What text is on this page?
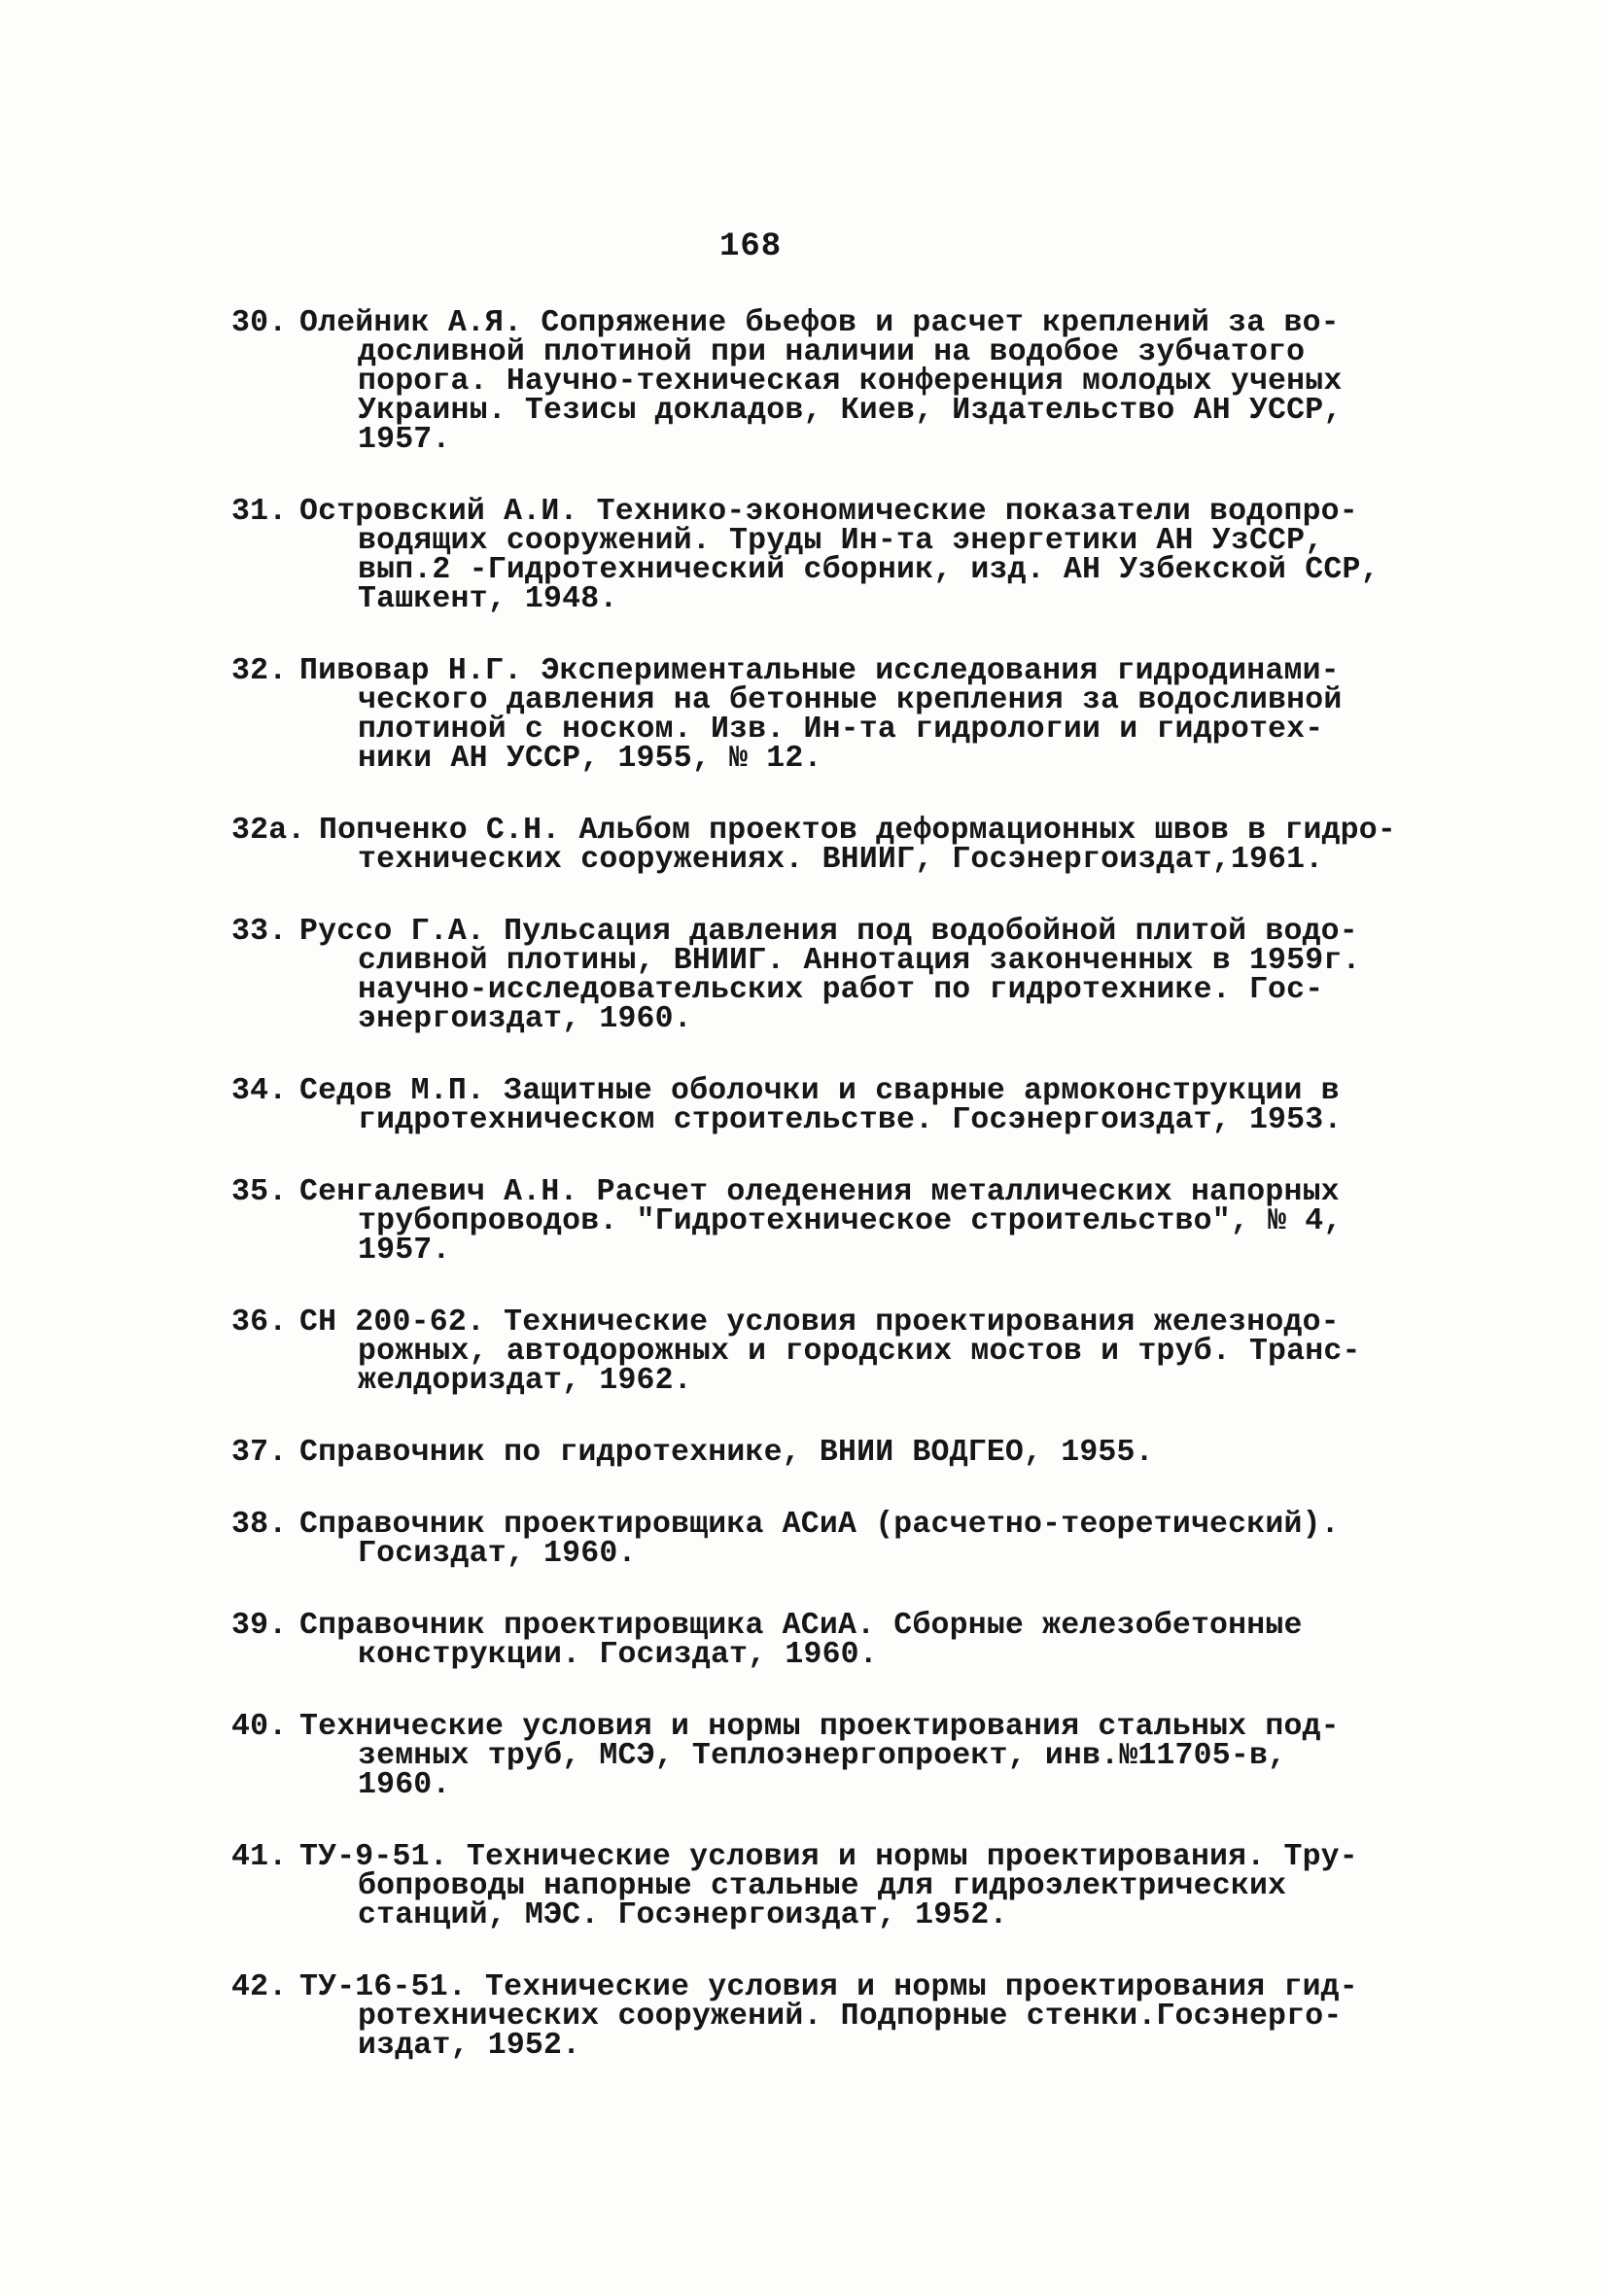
168
30. Олейник А.Я. Сопряжение бьефов и расчет креплений за во-
досливной плотиной при наличии на водобое зубчатого
порога. Научно-техническая конференция молодых ученых
Украины. Тезисы докладов, Киев, Издательство АН УССР,
1957.
31. Островский А.И. Технико-экономические показатели водопро-
водящих сооружений. Труды Ин-та энергетики АН УзССР,
вып.2 -Гидротехнический сборник, изд. АН Узбекской ССР,
Ташкент, 1948.
32. Пивовар Н.Г. Экспериментальные исследования гидродинами-
ческого давления на бетонные крепления за водосливной
плотиной с носком. Изв. Ин-та гидрологии и гидротех-
ники АН УССР, 1955, № 12.
32а. Попченко С.Н. Альбом проектов деформационных швов в гидро-
технических сооружениях. ВНИИГ, Госэнергоиздат,1961.
33. Руссо Г.А. Пульсация давления под водобойной плитой водо-
сливной плотины, ВНИИГ. Аннотация законченных в 1959г.
научно-исследовательских работ по гидротехнике. Гос-
энергоиздат, 1960.
34. Седов М.П. Защитные оболочки и сварные армоконструкции в
гидротехническом строительстве. Госэнергоиздат, 1953.
35. Сенгалевич А.Н. Расчет оледенения металлических напорных
трубопроводов. "Гидротехническое строительство", № 4,
1957.
36. СН 200-62. Технические условия проектирования железнодо-
рожных, автодорожных и городских мостов и труб. Транс-
желдориздат, 1962.
37. Справочник по гидротехнике, ВНИИ ВОДГЕО, 1955.
38. Справочник проектировщика АСиА (расчетно-теоретический).
Госиздат, 1960.
39. Справочник проектировщика АСиА. Сборные железобетонные
конструкции. Госиздат, 1960.
40. Технические условия и нормы проектирования стальных под-
земных труб, МСЭ, Теплоэнергопроект, инв.№11705-в,
1960.
41. ТУ-9-51. Технические условия и нормы проектирования. Тру-
бопроводы напорные стальные для гидроэлектрических
станций, МЭС. Госэнергоиздат, 1952.
42. ТУ-16-51. Технические условия и нормы проектирования гид-
ротехнических сооружений. Подпорные стенки.Госэнерго-
издат, 1952.
